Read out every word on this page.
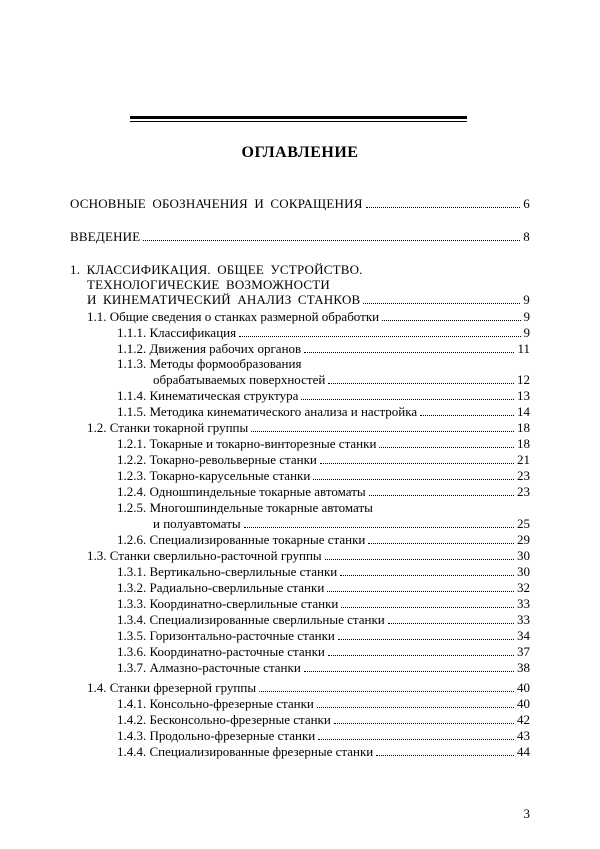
ОГЛАВЛЕНИЕ
ОСНОВНЫЕ ОБОЗНАЧЕНИЯ И СОКРАЩЕНИЯ	6
ВВЕДЕНИЕ	8
1. КЛАССИФИКАЦИЯ. ОБЩЕЕ УСТРОЙСТВО.
ТЕХНОЛОГИЧЕСКИЕ ВОЗМОЖНОСТИ
И КИНЕМАТИЧЕСКИЙ АНАЛИЗ СТАНКОВ	9
1.1. Общие сведения о станках размерной обработки	9
1.1.1. Классификация	9
1.1.2. Движения рабочих органов	11
1.1.3. Методы формообразования
обрабатываемых поверхностей	12
1.1.4. Кинематическая структура	13
1.1.5. Методика кинематического анализа и настройка	14
1.2. Станки токарной группы	18
1.2.1. Токарные и токарно-винторезные станки	18
1.2.2. Токарно-револьверные станки	21
1.2.3. Токарно-карусельные станки	23
1.2.4. Одношпиндельные токарные автоматы	23
1.2.5. Многошпиндельные токарные автоматы
и полуавтоматы	25
1.2.6. Специализированные токарные станки	29
1.3. Станки сверлильно-расточной группы	30
1.3.1. Вертикально-сверлильные станки	30
1.3.2. Радиально-сверлильные станки	32
1.3.3. Координатно-сверлильные станки	33
1.3.4. Специализированные сверлильные станки	33
1.3.5. Горизонтально-расточные станки	34
1.3.6. Координатно-расточные станки	37
1.3.7. Алмазно-расточные станки	38
1.4. Станки фрезерной группы	40
1.4.1. Консольно-фрезерные станки	40
1.4.2. Бесконсольно-фрезерные станки	42
1.4.3. Продольно-фрезерные станки	43
1.4.4. Специализированные фрезерные станки	44
3
